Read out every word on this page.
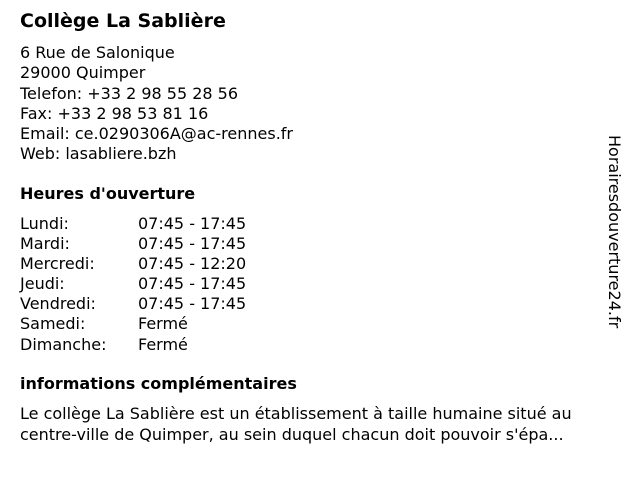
Collège La Sablière
6 Rue de Salonique
29000 Quimper
Telefon: +33 2 98 55 28 56
Fax: +33 2 98 53 81 16
Email: ce.0290306A@ac-rennes.fr
Web: lasabliere.bzh
Heures d'ouverture
Lundi:	07:45 - 17:45
Mardi:	07:45 - 17:45
Mercredi:	07:45 - 12:20
Jeudi:	07:45 - 17:45
Vendredi:	07:45 - 17:45
Samedi:	Fermé
Dimanche: Fermé
informations complémentaires
Le collège La Sablière est un établissement à taille humaine situé au
centre-ville de Quimper, au sein duquel chacun doit pouvoir s'épa...
Horairesdouverture24.fr
